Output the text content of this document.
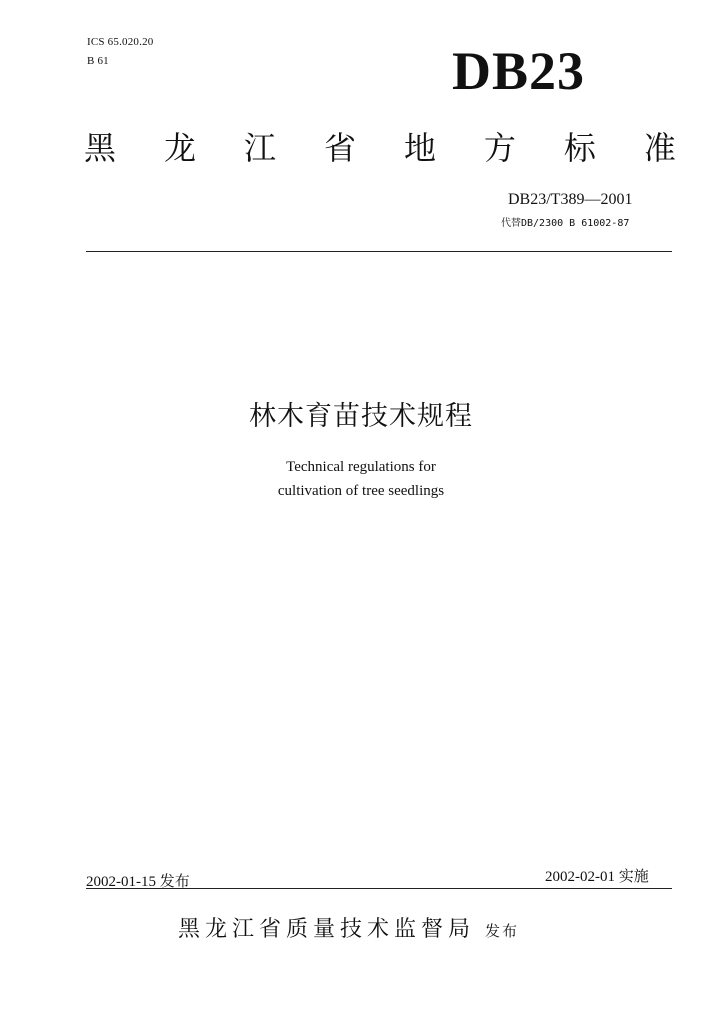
ICS 65.020.20
B 61	DB23
黑 龙 江 省 地 方 标 准
DB23/T389—2001
代替DB/2300 B 61002-87
林木育苗技术规程
Technical regulations for
cultivation of tree seedlings
2002-01-15 发布	2002-02-01 实施
黑龙江省质量技术监督局 发布
